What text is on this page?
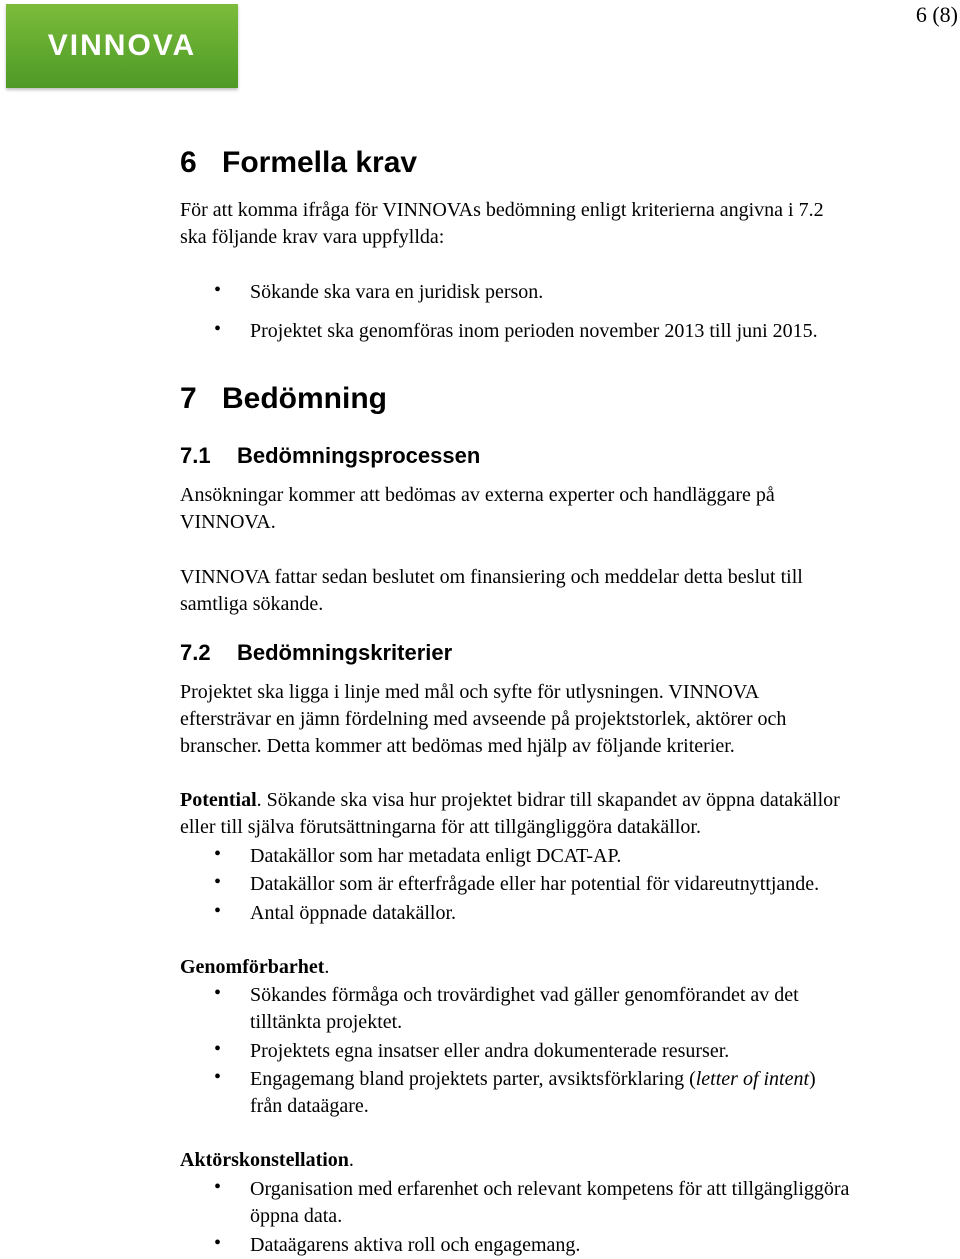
VINNOVA
6 (8)
6 Formella krav
För att komma ifråga för VINNOVAs bedömning enligt kriterierna angivna i 7.2
ska följande krav vara uppfyllda:
• Sökande ska vara en juridisk person.
• Projektet ska genomföras inom perioden november 2013 till juni 2015.
7 Bedömning
7.1 Bedömningsprocessen
Ansökningar kommer att bedömas av externa experter och handläggare på
VINNOVA.
VINNOVA fattar sedan beslutet om finansiering och meddelar detta beslut till
samtliga sökande.
7.2 Bedömningskriterier
Projektet ska ligga i linje med mål och syfte för utlysningen. VINNOVA
eftersträvar en jämn fördelning med avseende på projektstorlek, aktörer och
branscher. Detta kommer att bedömas med hjälp av följande kriterier.
Potential. Sökande ska visa hur projektet bidrar till skapandet av öppna datakällor
eller till själva förutsättningarna för att tillgängliggöra datakällor.
• Datakällor som har metadata enligt DCAT-AP.
• Datakällor som är efterfrågade eller har potential för vidareutnyttjande.
• Antal öppnade datakällor.
Genomförbarhet.
• Sökandes förmåga och trovärdighet vad gäller genomförandet av det
tilltänkta projektet.
• Projektets egna insatser eller andra dokumenterade resurser.
• Engagemang bland projektets parter, avsiktsförklaring (letter of intent)
från dataägare.
Aktörskonstellation.
• Organisation med erfarenhet och relevant kompetens för att tillgängliggöra
öppna data.
• Dataägarens aktiva roll och engagemang.
